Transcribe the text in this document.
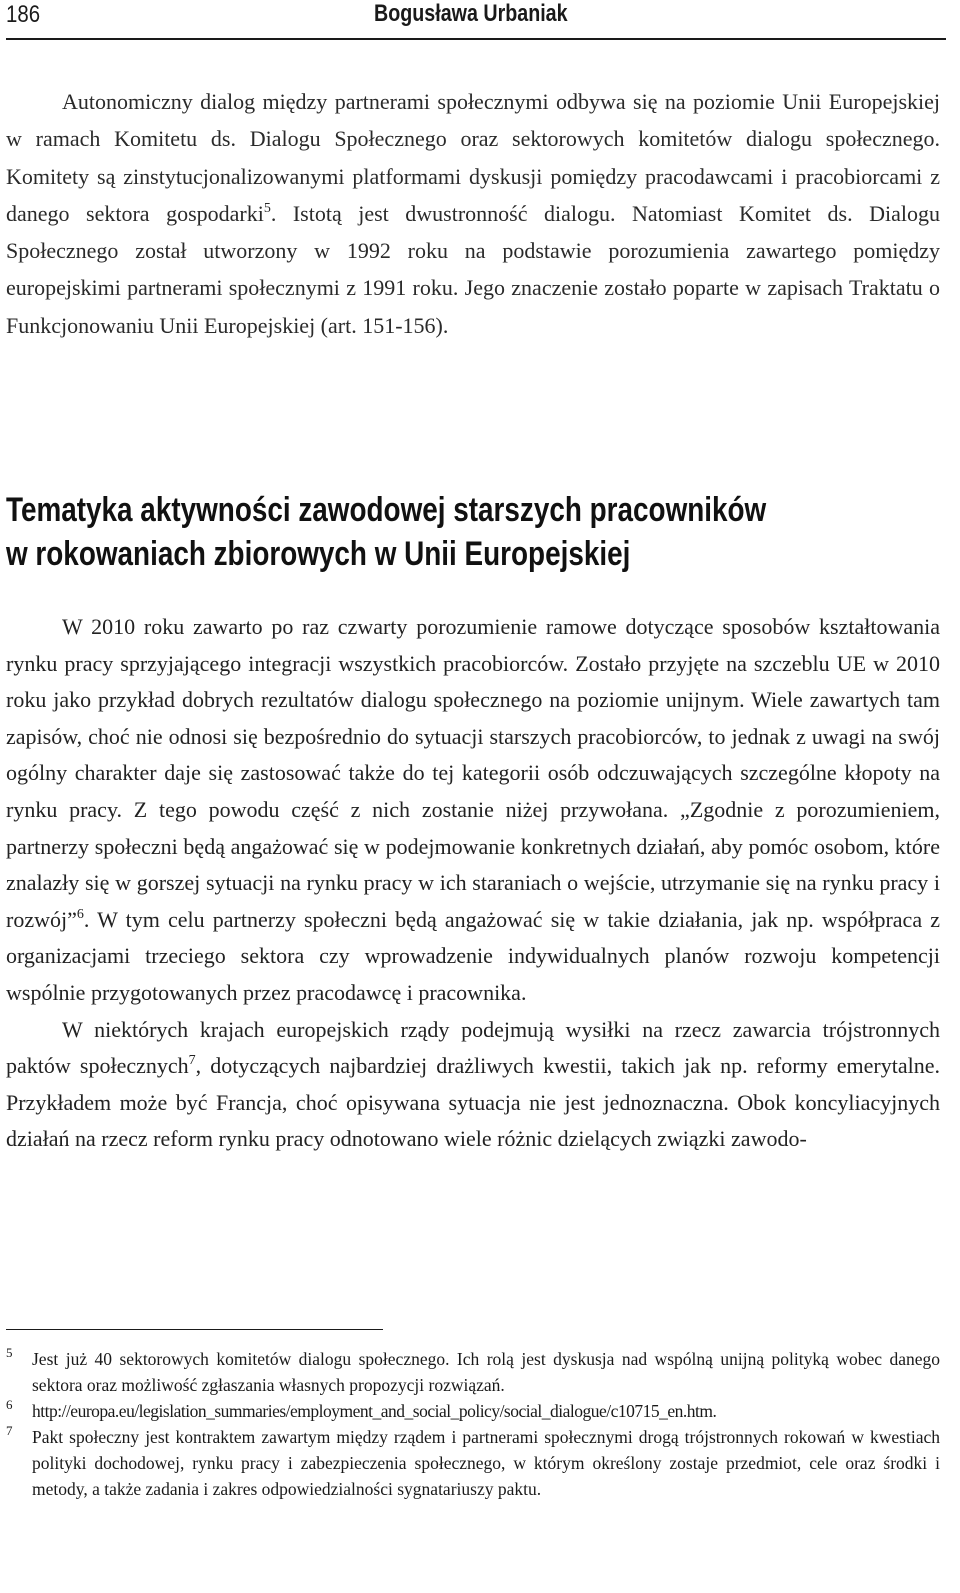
186	Bogusława Urbaniak

Autonomiczny dialog między partnerami społecznymi odbywa się na poziomie Unii Europejskiej w ramach Komitetu ds. Dialogu Społecznego oraz sektorowych komitetów dialogu społecznego. Komitety są zinstytucjonalizowanymi platformami dyskusji pomiędzy pracodawcami i pracobiorcami z danego sektora gospodarki$^5$. Istotą jest dwustronność dialogu. Natomiast Komitet ds. Dialogu Społecznego został utworzony w 1992 roku na podstawie porozumienia zawartego pomiędzy europejskimi partnerami społecznymi z 1991 roku. Jego znaczenie zostało poparte w zapisach Traktatu o Funkcjonowaniu Unii Europejskiej (art. 151-156).

Tematyka aktywności zawodowej starszych pracowników
w rokowaniach zbiorowych w Unii Europejskiej

W 2010 roku zawarto po raz czwarty porozumienie ramowe dotyczące sposobów kształtowania rynku pracy sprzyjającego integracji wszystkich pracobiorców. Zostało przyjęte na szczeblu UE w 2010 roku jako przykład dobrych rezultatów dialogu społecznego na poziomie unijnym. Wiele zawartych tam zapisów, choć nie odnosi się bezpośrednio do sytuacji starszych pracobiorców, to jednak z uwagi na swój ogólny charakter daje się zastosować także do tej kategorii osób odczuwających szczególne kłopoty na rynku pracy. Z tego powodu część z nich zostanie niżej przywołana. „Zgodnie z porozumieniem, partnerzy społeczni będą angażować się w podejmowanie konkretnych działań, aby pomóc osobom, które znalazły się w gorszej sytuacji na rynku pracy w ich staraniach o wejście, utrzymanie się na rynku pracy i rozwój”$^6$. W tym celu partnerzy społeczni będą angażować się w takie działania, jak np. współpraca z organizacjami trzeciego sektora czy wprowadzenie indywidualnych planów rozwoju kompetencji wspólnie przygotowanych przez pracodawcę i pracownika.

W niektórych krajach europejskich rządy podejmują wysiłki na rzecz zawarcia trójstronnych paktów społecznych$^7$, dotyczących najbardziej drażliwych kwestii, takich jak np. reformy emerytalne. Przykładem może być Francja, choć opisywana sytuacja nie jest jednoznaczna. Obok koncyliacyjnych działań na rzecz reform rynku pracy odnotowano wiele różnic dzielących związki zawodo-

5 Jest już 40 sektorowych komitetów dialogu społecznego. Ich rolą jest dyskusja nad wspólną unijną polityką wobec danego sektora oraz możliwość zgłaszania własnych propozycji rozwiązań.
6 http://europa.eu/legislation_summaries/employment_and_social_policy/social_dialogue/c10715_en.htm.
7 Pakt społeczny jest kontraktem zawartym między rządem i partnerami społecznymi drogą trójstronnych rokowań w kwestiach polityki dochodowej, rynku pracy i zabezpieczenia społecznego, w którym określony zostaje przedmiot, cele oraz środki i metody, a także zadania i zakres odpowiedzialności sygnatariuszy paktu.
